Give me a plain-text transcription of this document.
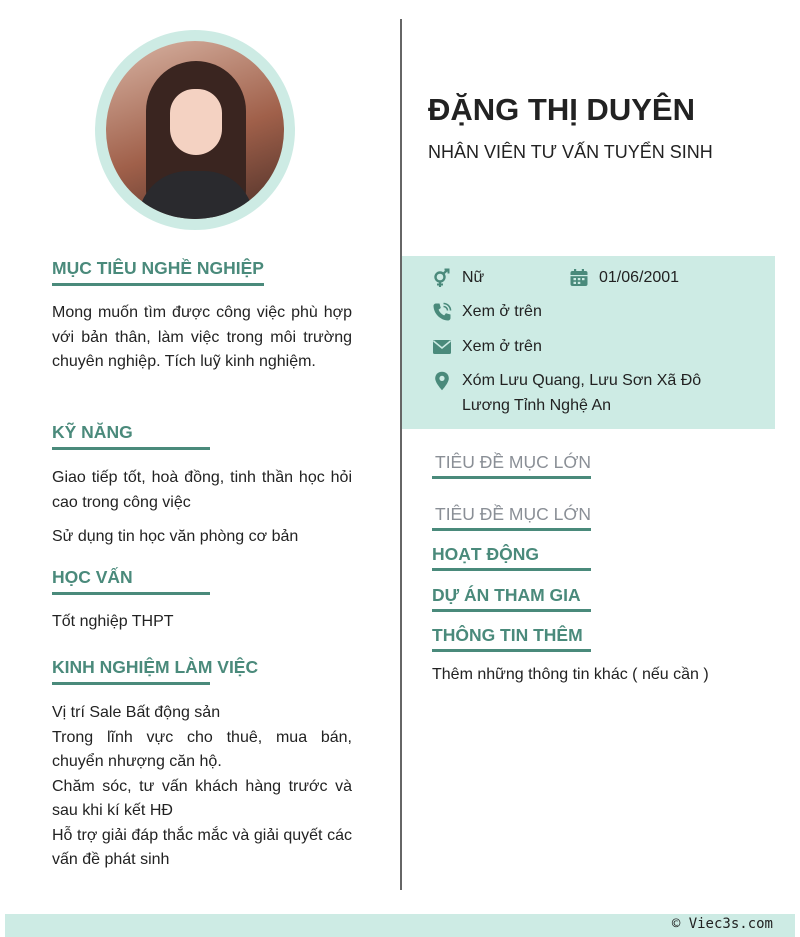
MỤC TIÊU NGHỀ NGHIỆP

Mong muốn tìm được công việc phù hợp với bản thân, làm việc trong môi trường chuyên nghiệp. Tích luỹ kinh nghiệm.

KỸ NĂNG

Giao tiếp tốt, hoà đồng, tinh thần học hỏi cao trong công việc

Sử dụng tin học văn phòng cơ bản

HỌC VẤN

Tốt nghiệp THPT

KINH NGHIỆM LÀM VIỆC

Vị trí Sale Bất động sản

Trong lĩnh vực cho thuê, mua bán, chuyển nhượng căn hộ.

Chăm sóc, tư vấn khách hàng trước và sau khi kí kết HĐ

Hỗ trợ giải đáp thắc mắc và giải quyết các vấn đề phát sinh

ĐẶNG THỊ DUYÊN
NHÂN VIÊN TƯ VẤN TUYỂN SINH
Nữ	01/06/2001
Xem ở trên
Xem ở trên
Xóm Lưu Quang, Lưu Sơn Xã Đô
Lương Tỉnh Nghệ An
TIÊU ĐỀ MỤC LỚN
TIÊU ĐỀ MỤC LỚN
HOẠT ĐỘNG
DỰ ÁN THAM GIA
THÔNG TIN THÊM
Thêm những thông tin khác ( nếu cần )
© Viec3s.com
